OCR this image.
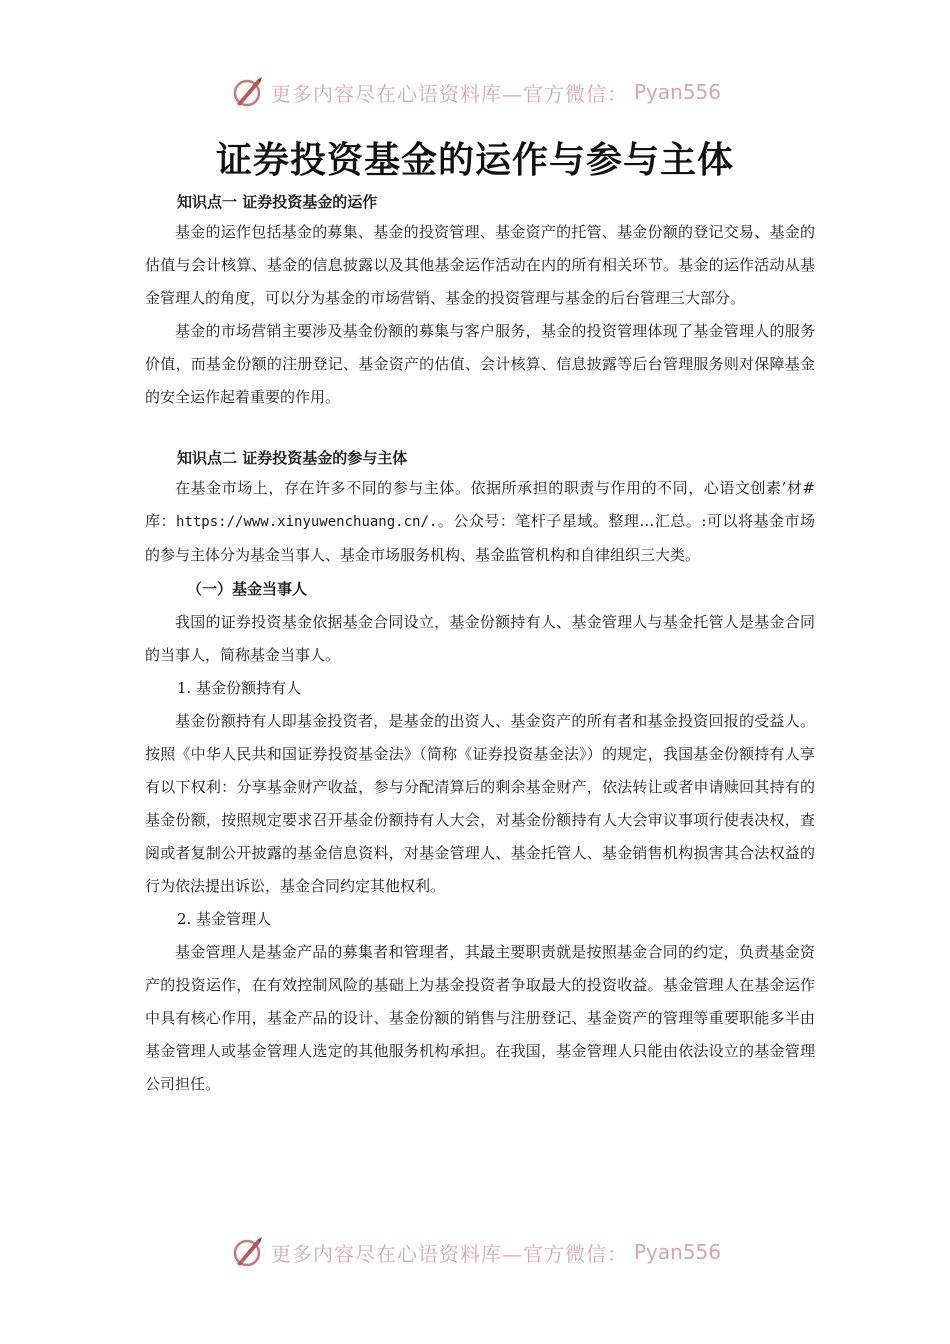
更多内容尽在心语资料库—官方微信： Pyan556
证券投资基金的运作与参与主体
知识点一 证券投资基金的运作

基金的运作包括基金的募集、基金的投资管理、基金资产的托管、基金份额的登记交易、基金的估值与会计核算、基金的信息披露以及其他基金运作活动在内的所有相关环节。基金的运作活动从基金管理人的角度，可以分为基金的市场营销、基金的投资管理与基金的后台管理三大部分。

基金的市场营销主要涉及基金份额的募集与客户服务，基金的投资管理体现了基金管理人的服务价值，而基金份额的注册登记、基金资产的估值、会计核算、信息披露等后台管理服务则对保障基金的安全运作起着重要的作用。

知识点二 证券投资基金的参与主体

在基金市场上，存在许多不同的参与主体。依据所承担的职责与作用的不同，心语文创素’材#库：https://www.xinyuwenchuang.cn/.。公众号：笔杆子星域。整理…汇总。:可以将基金市场的参与主体分为基金当事人、基金市场服务机构、基金监管机构和自律组织三大类。

（一）基金当事人

我国的证券投资基金依据基金合同设立，基金份额持有人、基金管理人与基金托管人是基金合同的当事人，简称基金当事人。

1. 基金份额持有人

基金份额持有人即基金投资者，是基金的出资人、基金资产的所有者和基金投资回报的受益人。按照《中华人民共和国证券投资基金法》（简称《证券投资基金法》）的规定，我国基金份额持有人享有以下权利：分享基金财产收益，参与分配清算后的剩余基金财产，依法转让或者申请赎回其持有的基金份额，按照规定要求召开基金份额持有人大会，对基金份额持有人大会审议事项行使表决权，查阅或者复制公开披露的基金信息资料，对基金管理人、基金托管人、基金销售机构损害其合法权益的行为依法提出诉讼，基金合同约定其他权利。

2. 基金管理人

基金管理人是基金产品的募集者和管理者，其最主要职责就是按照基金合同的约定，负责基金资产的投资运作，在有效控制风险的基础上为基金投资者争取最大的投资收益。基金管理人在基金运作中具有核心作用，基金产品的设计、基金份额的销售与注册登记、基金资产的管理等重要职能多半由基金管理人或基金管理人选定的其他服务机构承担。在我国，基金管理人只能由依法设立的基金管理公司担任。

更多内容尽在心语资料库—官方微信： Pyan556
